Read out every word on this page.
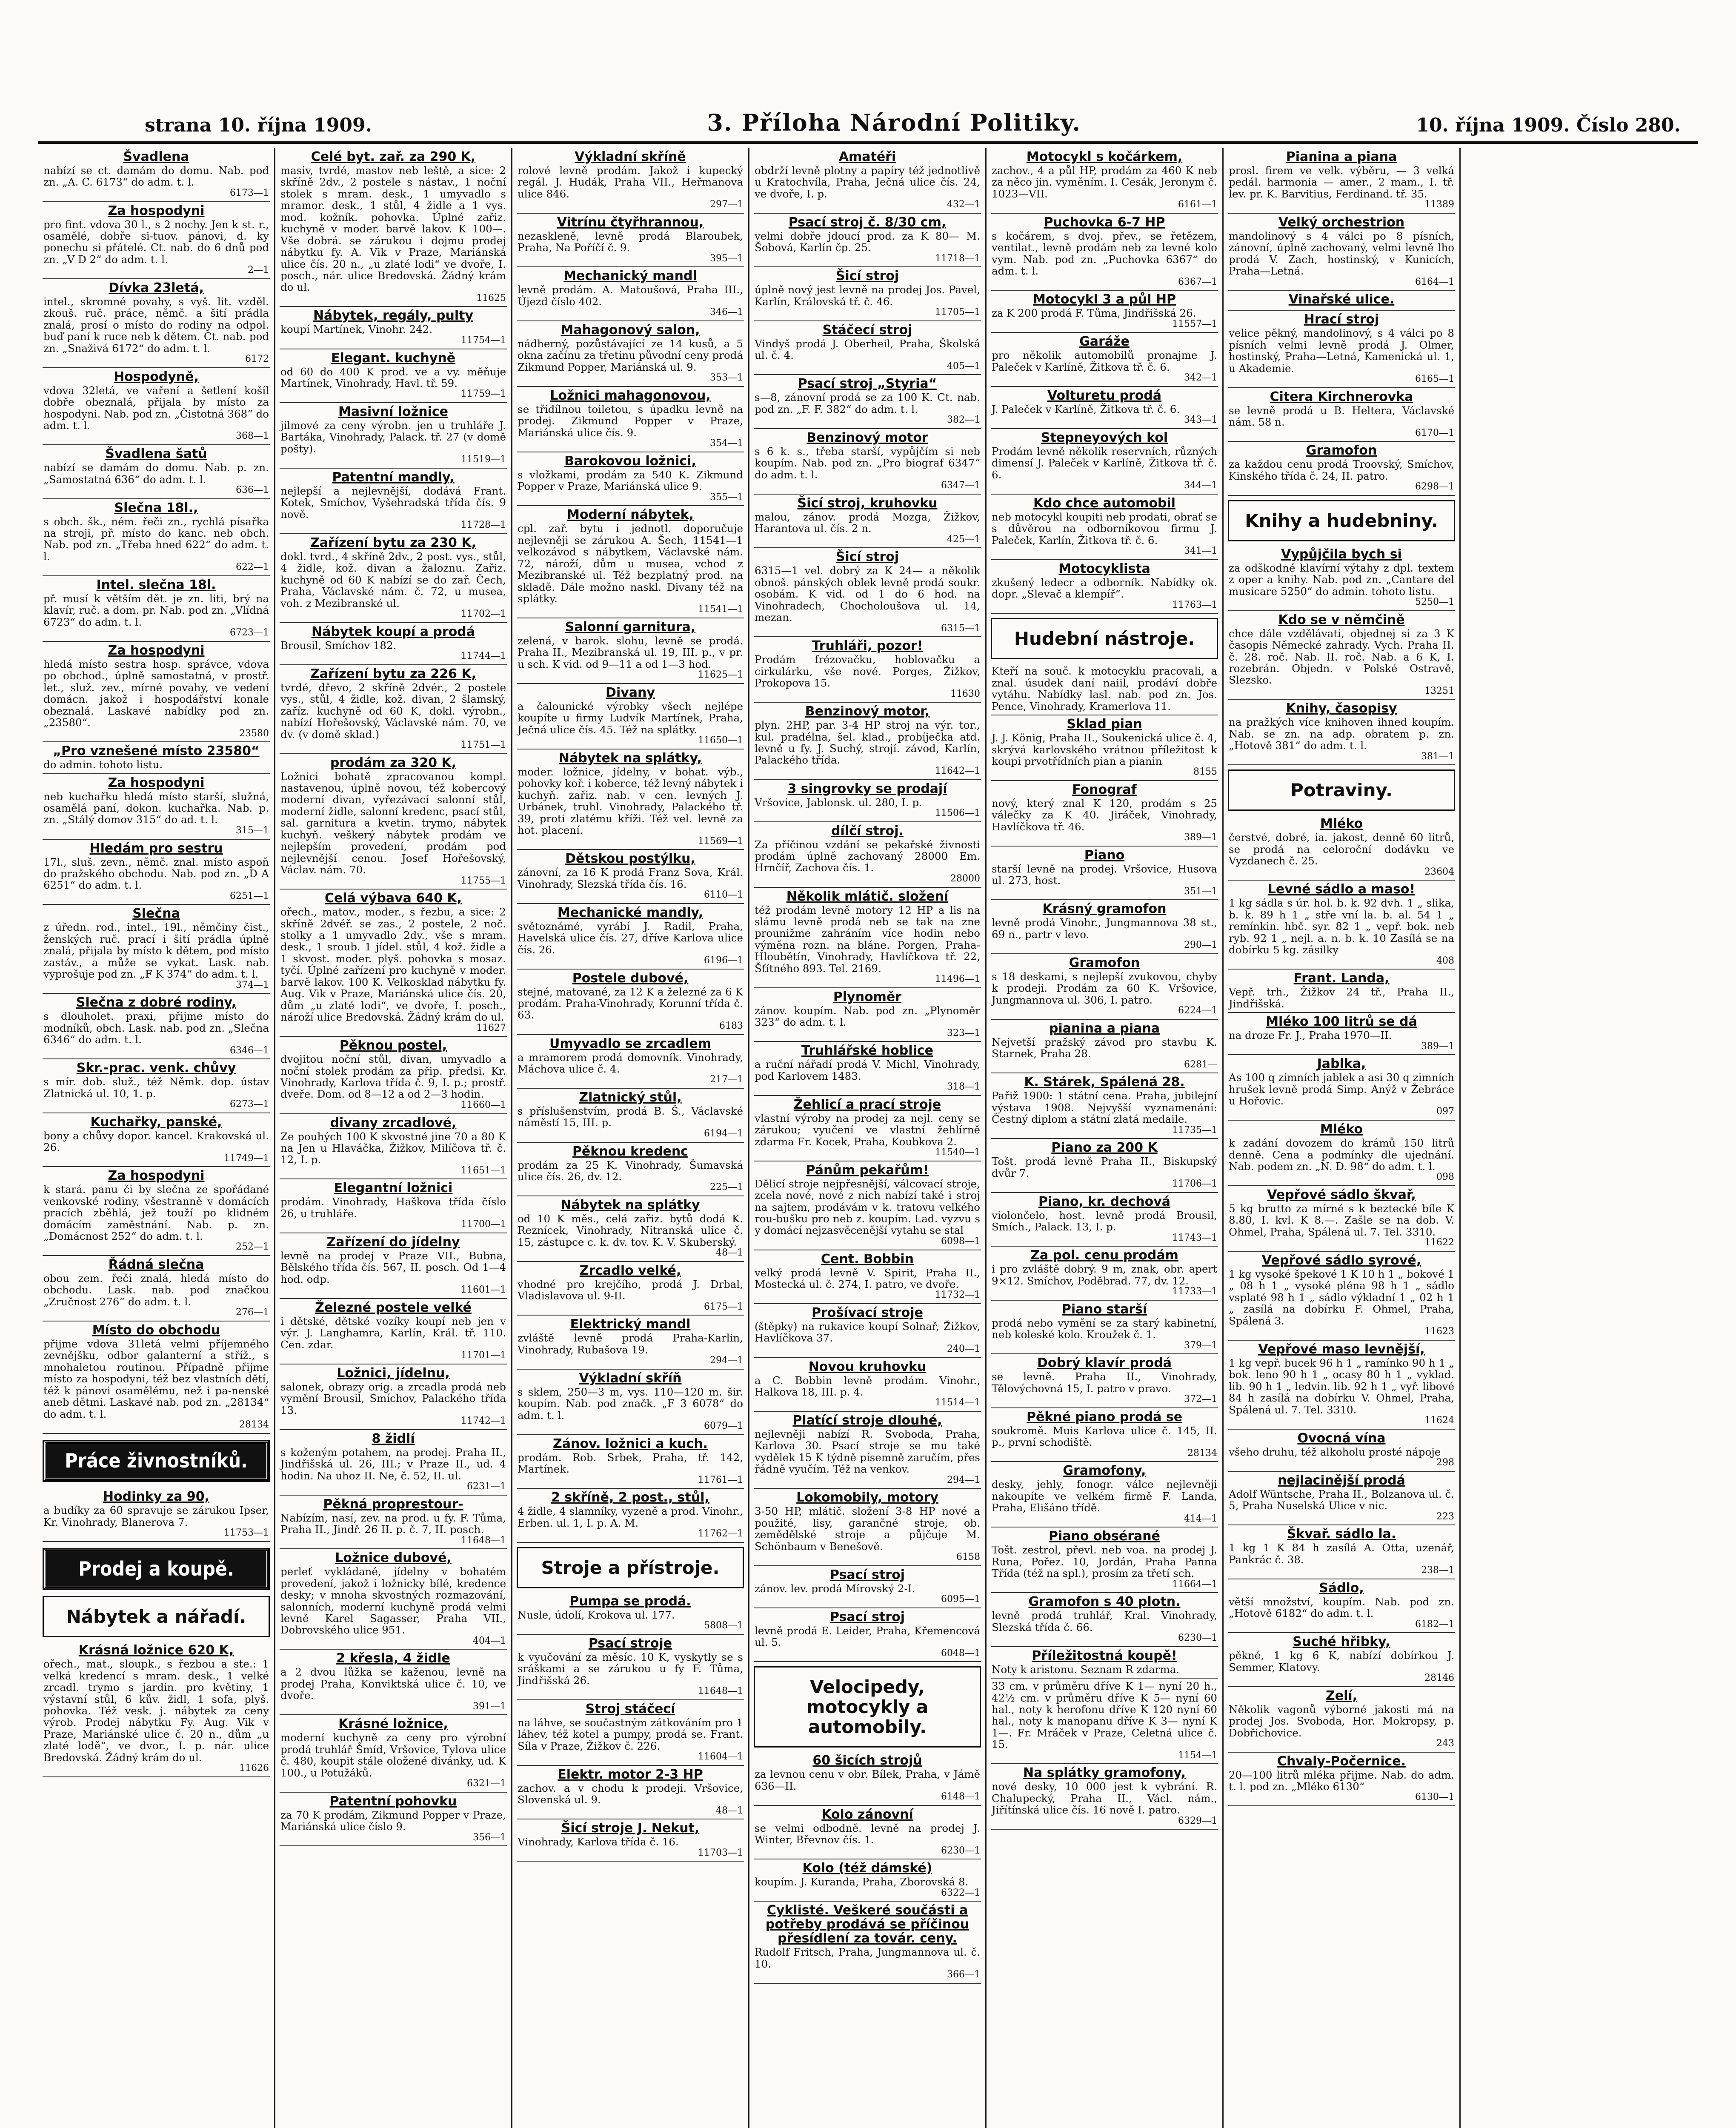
strana 10. října 1909.	3. Příloha Národní Politiky.	10. října 1909. Číslo 280.
Švadlena
nabízí se ct. damám do domu. Nab. pod zn. „A. C. 6173“ do adm. t. l.
6173—1
Za hospodyni
pro fint. vdova 30 l., s 2 nochy. Jen k st. r., osamělé, dobře si-tuov. pánovi, d. ky ponechu si přátelé. Ct. nab. do 6 dnů pod zn. „V D 2“ do adm. t. l.
2—1
Dívka 23letá,
intel., skromné povahy, s vyš. lit. vzděl. zkouš. ruč. práce, němč. a šití prádla znalá, prosí o místo do rodiny na odpol. buď paní k ruce neb k dětem. Ct. nab. pod zn. „Snaživá 6172“ do adm. t. l.
6172
Hospodyně,
vdova 32letá, ve vaření a šetlení košíl dobře obeznalá, přijala by místo za hospodyni. Nab. pod zn. „Čistotná 368“ do adm. t. l.
368—1
Švadlena šatů
nabízí se damám do domu. Nab. p. zn. „Samostatná 636“ do adm. t. l.
636—1
Slečna 18l.,
s obch. šk., ném. řeči zn., rychlá písařka na stroji, př. místo do kanc. neb obch. Nab. pod zn. „Třeba hned 622“ do adm. t. l.
622—1
Intel. slečna 18l.
př. musí k větším dět. je zn. liti, brý na klavír, ruč. a dom. pr. Nab. pod zn. „Vlídná 6723“ do adm. t. l.
6723—1
Za hospodyni
hledá místo sestra hosp. správce, vdova po obchod., úplně samostatná, v prostř. let., služ. zev., mírné povahy, ve vedení domácn. jakož i hospodářství konale obeznalá. Laskavé nabídky pod zn. „23580“.
23580
„Pro vznešené místo 23580“
do admin. tohoto listu.
Za hospodyni
neb kuchařku hledá místo starší, služná, osamělá paní, dokon. kuchařka. Nab. p. zn. „Stálý domov 315“ do ad. t. l.
315—1
Hledám pro sestru
17l., sluš. zevn., němč. znal. místo aspoň do pražského obchodu. Nab. pod zn. „D A 6251“ do adm. t. l.
6251—1
Slečna
z úředn. rod., intel., 19l., němčiny čist., ženských ruč. prací i šití prádla úplně znalá, přijala by místo k dětem, pod místo zastáv., a může se vykat. Lask. nab. vyprošuje pod zn. „F K 374“ do adm. t. l.
374—1
Slečna z dobré rodiny,
s dlouholet. praxi, přijme místo do modníků, obch. Lask. nab. pod zn. „Slečna 6346“ do adm. t. l.
6346—1
Skr.-prac. venk. chůvy
s mír. dob. služ., též Němk. dop. ústav Zlatnická ul. 10, 1. p.
6273—1
Kuchařky, panské,
bony a chůvy dopor. kancel. Krakovská ul. 26.
11749—1
Za hospodyni
k stará. panu či by slečna ze spořádané venkovské rodiny, všestranně v domácích pracích zběhlá, jež touží po klidném domácím zaměstnání. Nab. p. zn. „Domácnost 252“ do adm. t. l.
252—1
Řádná slečna
obou zem. řeči znalá, hledá místo do obchodu. Lask. nab. pod značkou „Zručnost 276“ do adm. t. l.
276—1
Místo do obchodu
přijme vdova 31letá velmi příjemného zevnějšku, odbor galanterní a stříž., s mnohaletou routinou. Případně přijme místo za hospodyni, též bez vlastních dětí, též k pánovi osamělému, než i pa-nenské aneb dětmi. Laskavé nab. pod zn. „28134“ do adm. t. l.
28134
Práce živnostníků.
Hodinky za 90,
a budíky za 60 spravuje se zárukou Ipser, Kr. Vinohrady, Blanerova 7.
11753—1
Prodej a koupě.
Nábytek a nářadí.
Krásná ložnice 620 K,
ořech., mat., sloupk., s řezbou a ste.: 1 velká kredencí s mram. desk., 1 velké zrcadl. trymo s jardin. pro květiny, 1 výstavní stůl, 6 kův. židl, 1 sofa, plyš. pohovka. Též vesk. j. nábytek za ceny výrob. Prodej nábytku Fy. Aug. Vik v Praze, Mariánské ulice č. 20 n., dům „u zlaté lodě“, ve dvor., I. p. nár. ulice Bredovská. Žádný krám do ul.
11626
Celé byt. zař. za 290 K,
masiv, tvrdé, mastov neb leště, a sice: 2 skříně 2dv., 2 postele s nástav., 1 noční stolek s mram. desk., 1 umyvadlo s mramor. desk., 1 stůl, 4 židle a 1 vys. mod. kožník. pohovka. Úplné zařiz. kuchyně v moder. barvě lakov. K 100—. Vše dobrá. se zárukou i dojmu prodej nábytku fy. A. Vik v Praze, Mariánská ulice čís. 20 n., „u zlaté lodi“ ve dvoře, I. posch., nár. ulice Bredovská. Žádný krám do ul.
11625
Nábytek, regály, pulty
koupí Martínek, Vinohr. 242.
11754—1
Elegant. kuchyně
od 60 do 400 K prod. ve a vy. měňuje Martínek, Vinohrady, Havl. tř. 59.
11759—1
Masivní ložnice
jilmové za ceny výrobn. jen u truhláře J. Bartáka, Vinohrady, Palack. tř. 27 (v domě pošty).
11519—1
Patentní mandly,
nejlepší a nejlevnější, dodává Frant. Kotek, Smíchov, Vyšehradská třída čís. 9 nově.
11728—1
Zařízení bytu za 230 K,
dokl. tvrd., 4 skříně 2dv., 2 post. vys., stůl, 4 židle, kož. divan a žaloznu. Zařiz. kuchyně od 60 K nabízí se do zař. Čech, Praha, Václavské nám. č. 72, u musea, voh. z Mezibranské ul.
11702—1
Nábytek koupí a prodá
Brousil, Smíchov 182.
11744—1
Zařízení bytu za 226 K,
tvrdé, dřevo, 2 skříně 2dvér., 2 postele vys., stůl, 4 židle, kož. divan, 2 šlamský, zaříz. kuchyně od 60 K, dokl. výrobn., nabízí Hořešovský, Václavské nám. 70, ve dv. (v domě sklad.)
11751—1
prodám za 320 K,
Ložnici bohatě zpracovanou kompl. nastavenou, úplně novou, též kobercový moderní divan, vyřezávací salonní stůl, moderní židle, salonní kredenc, psací stůl, sal. garnitura a kvetin. trymo, nábytek kuchyň. veškerý nábytek prodám ve nejlepším provedení, prodám pod nejlevnější cenou. Josef Hořešovský, Václav. nám. 70.
11755—1
Celá výbava 640 K,
ořech., matov., moder., s řezbu, a sice: 2 skříně 2dvéř. se zas., 2 postele, 2 noč. stolky a 1 umyvadlo 2dv., vše s mram. desk., 1 sroub. 1 jídel. stůl, 4 kož. židle a 1 skvost. moder. plyš. pohovka s mosaz. tyčí. Úplné zařízení pro kuchyně v moder. barvě lakov. 100 K. Velkosklad nábytku fy. Aug. Vik v Praze, Mariánská ulice čís. 20, dům „u zlaté lodi“, ve dvoře, I. posch., nároží ulice Bredovská. Žádný krám do ul.
11627
Pěknou postel,
dvojitou noční stůl, divan, umyvadlo a noční stolek prodám za přip. předsi. Kr. Vinohrady, Karlova třída č. 9, I. p.; prostř. dveře. Dom. od 8—12 a od 2—3 hodin.
11660—1
divany zrcadlové,
Ze pouhých 100 K skvostné jine 70 a 80 K na Jen u Hlaváčka, Žižkov, Milíčova tř. č. 12, I. p.
11651—1
Elegantní ložnici
prodám. Vinohrady, Haškova třída číslo 26, u truhláře.
11700—1
Zařízení do jídelny
levně na prodej v Praze VII., Bubna, Bělského třída čís. 567, II. posch. Od 1—4 hod. odp.
11601—1
Železné postele velké
i dětské, dětské vozíky koupí neb jen v výr. J. Langhamra, Karlín, Král. tř. 110. Cen. zdar.
11701—1
Ložnici, jídelnu,
salonek, obrazy orig. a zrcadla prodá neb vymění Brousil, Smíchov, Palackého třída 13.
11742—1
8 židlí
s koženým potahem, na prodej. Praha II., Jindřišská ul. 26, III.; v Praze II., ud. 4 hodin. Na uhoz II. Ne, č. 52, II. ul.
6231—1
Pěkná proprestour-
Nabízím, nasí, zev. na prod. u fy. F. Tůma, Praha II., Jindř. 26 II. p. č. 7, II. posch.
11648—1
Ložnice dubové,
perleť vykládané, jídelny v bohatém provedení, jakož i ložnicky bílé, kredence desky; v mnoha skvostných rozmazování, salonních, moderní kuchyně prodá velmi levně Karel Sagasser, Praha VII., Dobrovského ulice 951.
404—1
2 křesla, 4 židle
a 2 dvou lůžka se kaženou, levně na prodej Praha, Konviktská ulice č. 10, ve dvoře.
391—1
Krásné ložnice,
moderní kuchyně za ceny pro výrobní prodá truhlář Šmíd, Vršovice, Tylova ulice č. 480, koupit stále oložené divánky, ud. K 100., u Potužáků.
6321—1
Patentní pohovku
za 70 K prodám, Zikmund Popper v Praze, Mariánská ulice číslo 9.
356—1
Výkladní skříně
rolové levně prodám. Jakož i kupecký regál. J. Hudák, Praha VII., Heřmanova ulice 846.
297—1
Vitrínu čtyřhrannou,
nezaskleně, levně prodá Blaroubek, Praha, Na Poříčí č. 9.
395—1
Mechanický mandl
levně prodám. A. Matoušová, Praha III., Újezd číslo 402.
346—1
Mahagonový salon,
nádherný, pozůstávající ze 14 kusů, a 5 okna začínu za třetinu původní ceny prodá Zikmund Popper, Mariánská ul. 9.
353—1
Ložnici mahagonovou,
se třidílnou toiletou, s úpadku levně na prodej. Zikmund Popper v Praze, Mariánská ulice čís. 9.
354—1
Barokovou ložnici,
s vložkami, prodám za 540 K. Zikmund Popper v Praze, Mariánská ulice 9.
355—1
Moderní nábytek,
cpl. zař. bytu i jednotl. doporučuje nejlevněji se zárukou A. Šech, 11541—1 velkozávod s nábytkem, Václavské nám. 72, nároží, dům u musea, vchod z Mezibranské ul. Též bezplatný prod. na skladě. Dále možno naskl. Divany též na splátky.
11541—1
Salonní garnitura,
zelená, v barok. slohu, levně se prodá. Praha II., Mezibranská ul. 19, III. p., v pr. u sch. K vid. od 9—11 a od 1—3 hod.
11625—1
Divany
a čalounické výrobky všech nejlépe koupíte u firmy Ludvík Martínek, Praha, Ječná ulice čís. 45. Též na splátky.
11650—1
Nábytek na splátky,
moder. ložnice, jídelny, v bohat. výb., pohovky koř. i koberce, též levný nábytek i kuchyň. zařiz. nab. v cen. levných J. Urbánek, truhl. Vinohrady, Palackého tř. 39, proti zlatému kříži. Též vel. levně za hot. placení.
11569—1
Dětskou postýlku,
zánovní, za 16 K prodá Franz Sova, Král. Vinohrady, Slezská třída čís. 16.
6110—1
Mechanické mandly,
světoznámé, vyrábí J. Radil, Praha, Havelská ulice čís. 27, dříve Karlova ulice čís. 26.
6196—1
Postele dubové,
stejné, matované, za 12 K a železné za 6 K prodám. Praha-Vinohrady, Korunní třída č. 63.
6183
Umyvadlo se zrcadlem
a mramorem prodá domovník. Vinohrady, Máchova ulice č. 4.
217—1
Zlatnický stůl,
s příslušenstvím, prodá B. Š., Václavské náměstí 15, III. p.
6194—1
Pěknou kredenc
prodám za 25 K. Vinohrady, Šumavská ulice čís. 26, dv. 12.
225—1
Nábytek na splátky
od 10 K měs., celá zařiz. bytů dodá K. Reznícek, Vinohrady, Nitranská ulice č. 15, zástupce c. k. dv. tov. K. V. Skuberský.
48—1
Zrcadlo velké,
vhodné pro krejčího, prodá J. Drbal, Vladislavova ul. 9-II.
6175—1
Elektrický mandl
zvláště levně prodá Praha-Karlin, Vinohrady, Rubašova 19.
294—1
Výkladní skříň
s sklem, 250—3 m, vys. 110—120 m. šir. koupím. Nab. pod značk. „F 3 6078“ do adm. t. l.
6079—1
Zánov. ložnici a kuch.
prodám. Rob. Srbek, Praha, tř. 142, Martínek.
11761—1
2 skříně, 2 post., stůl,
4 židle, 4 slamníky, vyzeně a prod. Vinohr., Erben. ul. 1, I. p. A. M.
11762—1
Stroje a přístroje.
Pumpa se prodá.
Nusle, údolí, Krokova ul. 177.
5808—1
Psací stroje
k vyučování za měsíc. 10 K, vyskytly se s sráškami a se zárukou u fy F. Tůma, Jindřišská 26.
11648—1
Stroj stáčecí
na láhve, se součastným zátkováním pro 1 láhev, též kotel a pumpy, prodá se. Frant. Síla v Praze, Žižkov č. 226.
11604—1
Elektr. motor 2-3 HP
zachov. a v chodu k prodeji. Vršovice, Slovenská ul. 9.
48—1
Šicí stroje J. Nekut,
Vinohrady, Karlova třída č. 16.
11703—1
Amatéři
obdrží levně plotny a papíry též jednotlivě u Kratochvíla, Praha, Ječná ulice čís. 24, ve dvoře, I. p.
432—1
Psací stroj č. 8/30 cm,
velmi dobře jdoucí prod. za K 80— M. Šobová, Karlín čp. 25.
11718—1
Šicí stroj
úplně nový jest levně na prodej Jos. Pavel, Karlín, Královská tř. č. 46.
11705—1
Stáčecí stroj
Vindyš prodá J. Oberheil, Praha, Školská ul. č. 4.
405—1
Psací stroj „Styria“
s—8, zánovní prodá se za 100 K. Ct. nab. pod zn. „F. F. 382“ do adm. t. l.
382—1
Benzinový motor
s 6 k. s., třeba starší, vypůjčím si neb koupím. Nab. pod zn. „Pro biograf 6347“ do adm. t. l.
6347—1
Šicí stroj, kruhovku
malou, zánov. prodá Mozga, Žižkov, Harantova ul. čís. 2 n.
425—1
Šicí stroj
6315—1 vel. dobrý za K 24— a několik obnoš. pánských oblek levně prodá soukr. osobám. K vid. od 1 do 6 hod. na Vinohradech, Chocholoušova ul. 14, mezan.
6315—1
Truhláři, pozor!
Prodám frézovačku, hoblovačku a cirkulárku, vše nové. Porges, Žižkov, Prokopova 15.
11630
Benzinový motor,
plyn. 2HP, par. 3-4 HP stroj na výr. tor., kul. pradélna, šel. klad., probíječka atd. levně u fy. J. Suchý, strojí. závod, Karlín, Palackého třída.
11642—1
3 singrovky se prodají
Vršovice, Jablonsk. ul. 280, I. p.
11506—1
dílčí stroj.
Za příčinou vzdání se pekařské živnosti prodám úplně zachovaný 28000 Em. Hrnčíř, Zachova čís. 1.
28000
Několik mlátič. složení
též prodám levně motory 12 HP a lis na slámu levně prodá neb se tak na zne prounižme zahráním více hodin nebo výměna rozn. na bláne. Porgen, Praha-Hloubětín, Vinohrady, Havlíčkova tř. 22, Šťítného 893. Tel. 2169.
11496—1
Plynoměr
zánov. koupím. Nab. pod zn. „Plynoměr 323“ do adm. t. l.
323—1
Truhlářské hoblice
a ruční nářadí prodá V. Michl, Vinohrady, pod Karlovem 1483.
318—1
Žehlicí a prací stroje
vlastní výroby na prodej za nejl. ceny se zárukou; vyučení ve vlastní žehlírně zdarma Fr. Kocek, Praha, Koubkova 2.
11540—1
Pánům pekařům!
Dělicí stroje nejpřesnější, válcovací stroje, zcela nové, nové z nich nabízí také i stroj na sajtem, prodávám v k. tratovu velkého rou-bušku pro neb z. koupím. Lad. vyzvu s y domácí nejzasvěcenější vytahu se stal
6098—1
Cent. Bobbin
velký prodá levně V. Spirit, Praha II., Mostecká ul. č. 274, I. patro, ve dvoře.
11732—1
Prošívací stroje
(štěpky) na rukavice koupí Solnař, Žižkov, Havlíčkova 37.
240—1
Novou kruhovku
a C. Bobbin levně prodám. Vinohr., Halkova 18, III. p. 4.
11514—1
Platící stroje dlouhé,
nejlevněji nabízí R. Svoboda, Praha, Karlova 30. Psací stroje se mu také vydělek 15 K týdně písemně zaručím, přes řádně vyučím. Též na venkov.
294—1
Lokomobily, motory
3-50 HP, mlátič. složení 3-8 HP nové a použité, lisy, garančné stroje, ob. zemědělské stroje a půjčuje M. Schönbaum v Benešově.
6158
Psací stroj
zánov. lev. prodá Mírovský 2-I.
6095—1
Psací stroj
levně prodá E. Leider, Praha, Křemencová ul. 5.
6048—1
Velocipedy, motocykly a automobily.
60 šicích strojů
za levnou cenu v obr. Bílek, Praha, v Jámě 636—II.
6148—1
Kolo zánovní
se velmi odbodně. levně na prodej J. Winter, Břevnov čís. 1.
6230—1
Kolo (též dámské)
koupím. J. Kuranda, Praha, Zborovská 8.
6322—1
Cyklisté. Veškeré součásti a potřeby prodává se příčinou přesídlení za továr. ceny.
Rudolf Fritsch, Praha, Jungmannova ul. č. 10.
366—1
Motocykl s kočárkem,
zachov., 4 a půl HP, prodám za 460 K neb za něco jin. vyměním. I. Cesák, Jeronym č. 1023—VII.
6161—1
Puchovka 6-7 HP
s kočárem, s dvoj. přev., se řetězem, ventilat., levně prodám neb za levné kolo vym. Nab. pod zn. „Puchovka 6367“ do adm. t. l.
6367—1
Motocykl 3 a půl HP
za K 200 prodá F. Tůma, Jindřišská 26.
11557—1
Garáže
pro několik automobilů pronajme J. Paleček v Karlíně, Žitkova tř. č. 6.
342—1
Volturetu prodá
J. Paleček v Karlíně, Žitkova tř. č. 6.
343—1
Stepneyových kol
Prodám levně několik reservních, různých dimensí J. Paleček v Karlíně, Žitkova tř. č. 6.
344—1
Kdo chce automobil
neb motocykl koupiti neb prodati, obrať se s důvěrou na odborníkovou firmu J. Paleček, Karlín, Žitkova tř. č. 6.
341—1
Motocyklista
zkušený ledecr a odborník. Nabídky ok. dopr. „Slevač a klempíř“.
11763—1
Hudební nástroje.
Kteří na souč. k motocyklu pracovali, a znal. úsudek daní naiil, prodáví dobře vytáhu. Nabídky lasl. nab. pod zn. Jos. Pence, Vinohrady, Kramerlova 11.
Sklad pian
J. J. König, Praha II., Soukenická ulice č. 4, skrývá karlovského vrátnou příležitost k koupi prvotřídních pian a pianin
8155
Fonograf
nový, který znal K 120, prodám s 25 válečky za K 40. Jiráček, Vinohrady, Havlíčkova tř. 46.
389—1
Piano
starší levně na prodej. Vršovice, Husova ul. 273, host.
351—1
Krásný gramofon
levně prodá Vinohr., Jungmannova 38 st., 69 n., partr v levo.
290—1
Gramofon
s 18 deskami, s nejlepší zvukovou, chyby k prodeji. Prodám za 60 K. Vršovice, Jungmannova ul. 306, I. patro.
6224—1
pianina a piana
Nejvetší pražský závod pro stavbu K. Starnek, Praha 28.
6281—
K. Stárek, Spálená 28.
Pařiž 1900: 1 státní cena. Praha, jubilejní výstava 1908. Nejvyšší vyznamenání: Čestný diplom a státní zlatá medaile.
11735—1
Piano za 200 K
Tošt. prodá levně Praha II., Biskupský dvůr 7.
11706—1
Piano, kr. dechová
violončelo, host. levně prodá Brousil, Smích., Palack. 13, I. p.
11743—1
Za pol. cenu prodám
i pro zvláště dobrý. 9 m, znak, obr. apert 9×12. Smíchov, Poděbrad. 77, dv. 12.
11733—1
Piano starší
prodá nebo vymění se za starý kabinetní, neb koleské kolo. Kroužek č. 1.
379—1
Dobrý klavír prodá
se levně. Praha II., Vinohrady, Tělovýchovná 15, I. patro v pravo.
372—1
Pěkné piano prodá se
soukromě. Muis Karlova ulice č. 145, II. p., první schodiště.
28134
Gramofony,
desky, jehly, fonogr. válce nejlevněji nakoupíte ve velkém firmě F. Landa, Praha, Elišáno třídě.
414—1
Piano obsérané
Tošt. zestrol, převl. neb voa. na prodej J. Runa, Pořez. 10, Jordán, Praha Panna Třída (též na spl.), prosím za třetí sch.
11664—1
Gramofon s 40 plotn.
levně prodá truhlář, Kral. Vinohrady, Slezská třída č. 66.
6230—1
Příležitostná koupě!
Noty k aristonu. Seznam R zdarma.
33 cm. v průměru dříve K 1— nyní 20 h., 42½ cm. v průměru dříve K 5— nyní 60 hal., noty k herofonu dříve K 120 nyní 60 hal., noty k manopanu dříve K 3— nyní K 1—. Fr. Mráček v Praze, Celetná ulice č. 15.
1154—1
Na splátky gramofony,
nové desky, 10 000 jest k vybrání. R. Chalupecký, Praha II., Václ. nám., Jiřítínská ulice čís. 16 nově I. patro.
6329—1
Pianina a piana
prosl. firem ve velk. výběru, — 3 velká pedál. harmonia — amer., 2 mam., I. tř. lev. pr. K. Barvitius, Ferdinand. tř. 35.
11389
Velký orchestrion
mandolinový s 4 válci po 8 písních, zánovní, úplně zachovaný, velmi levně lho prodá V. Zach, hostinský, v Kunicích, Praha—Letná.
6164—1
Vinařské ulice.
Hrací stroj
velice pěkný, mandolinový, s 4 válci po 8 písních velmi levně prodá J. Olmer, hostinský, Praha—Letná, Kamenická ul. 1, u Akademie.
6165—1
Citera Kirchnerovka
se levně prodá u B. Heltera, Václavské nám. 58 n.
6170—1
Gramofon
za každou cenu prodá Troovský, Smíchov, Kinského třída č. 24, II. patro.
6298—1
Knihy a hudebniny.
Vypůjčila bych si
za odškodné klavírní výtahy z dpl. textem z oper a knihy. Nab. pod zn. „Cantare del musicare 5250“ do admin. tohoto listu.
5250—1
Kdo se v němčině
chce dále vzdělávati, objednej si za 3 K časopis Německé zahrady. Vych. Praha II. č. 28. roč. Nab. II. roč. Nab. a 6 K, I. rozebrán. Objedn. v Polské Ostravě, Slezsko.
13251
Knihy, časopisy
na pražkých více knihoven ihned koupím. Nab. se zn. na adp. obratem p. zn. „Hotově 381“ do adm. t. l.
381—1
Potraviny.
Mléko
čerstvé, dobré, ia. jakost, denně 60 litrů, se prodá na celoroční dodávku ve Vyzdanech č. 25.
23604
Levné sádlo a maso!
1 kg sádla s úr. hol. b. k. 92 dvh. 1 „ slika, b. k. 89 h 1 „ stře vní la. b. al. 54 1 „ remínkin. hbč. syr. 82 1 „ vepř. bok. neb ryb. 92 1 „ nejl. a. n. b. k. 10 Zasílá se na dobírku 5 kg. zásilky
408
Frant. Landa,
Vepř. trh., Žižkov 24 tř., Praha II., Jindřišská.
Mléko 100 litrů se dá
na droze Fr. J., Praha 1970—II.
389—1
Jablka,
As 100 q zimních jablek a asi 30 q zimních hrušek levně prodá Simp. Anýž v Žebráce u Hořovic.
097
Mléko
k zadání dovozem do krámů 150 litrů denně. Cena a podmínky dle ujednání. Nab. podem zn. „N. D. 98“ do adm. t. l.
098
Vepřové sádlo škvař,
5 kg brutto za mírné s k beztecké bíle K 8.80, I. kvl. K 8.—. Zašle se na dob. V. Ohmel, Praha, Spálená ul. 7. Tel. 3310.
11622
Vepřové sádlo syrové,
1 kg vysoké špekové 1 K 10 h 1 „ bokové 1 „ 08 h 1 „ vysoké pléna 98 h 1 „ sádlo vsplaté 98 h 1 „ sádlo výkladní 1 „ 02 h 1 „ zasílá na dobírku F. Ohmel, Praha, Spálená 3.
11623
Vepřové maso levnější,
1 kg vepř. bucek 96 h 1 „ ramínko 90 h 1 „ bok. leno 90 h 1 „ ocasy 80 h 1 „ vyklad. lib. 90 h 1 „ ledvin. lib. 92 h 1 „ vyř. libové 84 h zasílá na dobírku V. Ohmel, Praha, Spálená ul. 7. Tel. 3310.
11624
Ovocná vína
všeho druhu, též alkoholu prosté nápoje
298
nejlacinější prodá
Adolf Wüntsche, Praha II., Bolzanova ul. č. 5, Praha Nuselská Ulice v nic.
223
Škvař. sádlo la.
1 kg 1 K 84 h zasílá A. Otta, uzenář, Pankrác č. 38.
238—1
Sádlo,
větší množství, koupím. Nab. pod zn. „Hotově 6182“ do adm. t. l.
6182—1
Suché hřibky,
pěkné, 1 kg 6 K, nabízí dobírkou J. Semmer, Klatovy.
28146
Zelí,
Několik vagonů výborné jakosti má na prodej Jos. Svoboda, Hor. Mokropsy, p. Dobřichovice.
243
Chvaly-Počernice.
20—100 litrů mléka přijme. Nab. do adm. t. l. pod zn. „Mléko 6130“
6130—1
